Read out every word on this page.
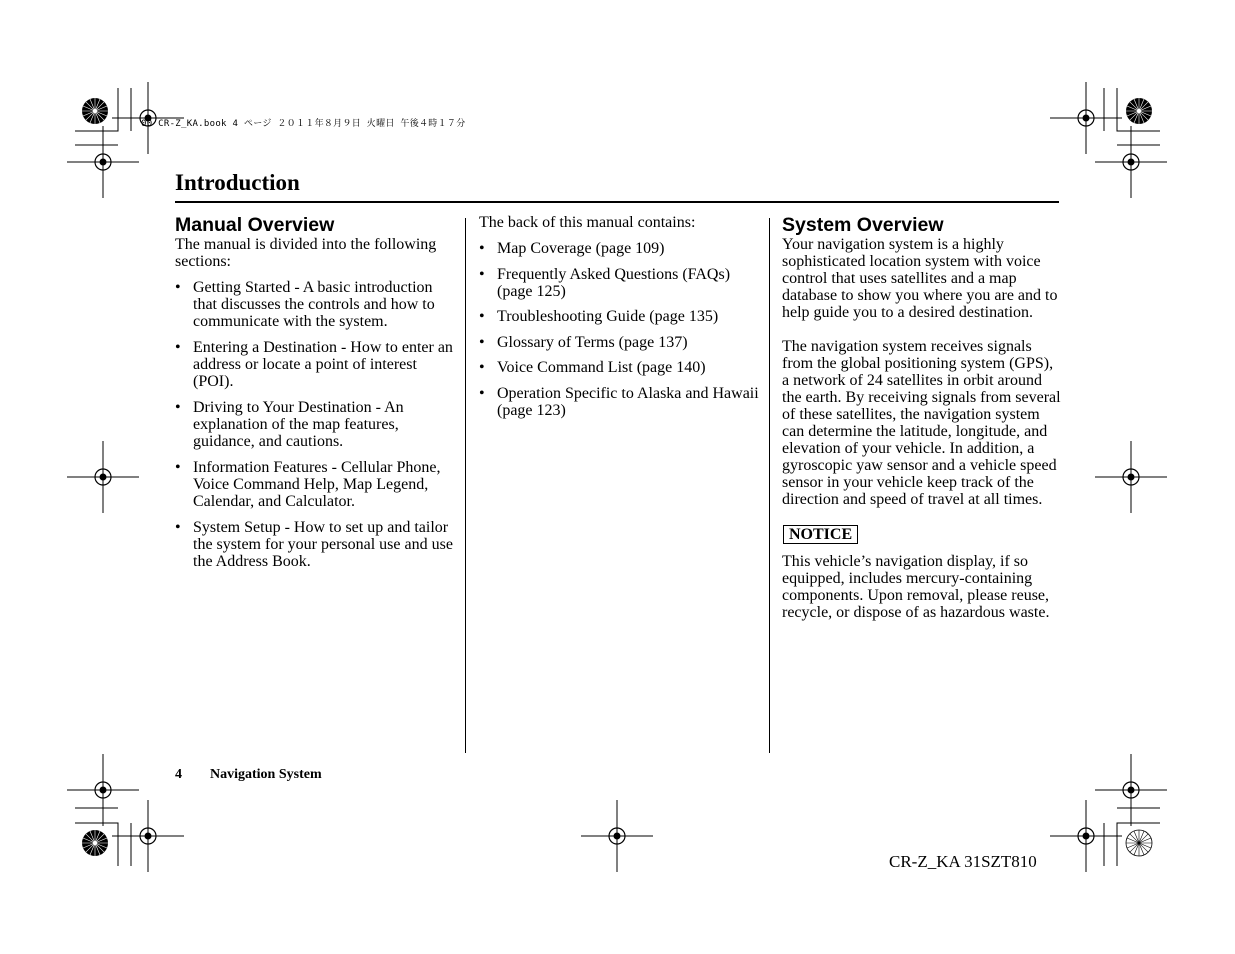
00 CR-Z_KA.book 4 ページ ２０１１年８月９日 火曜日 午後４時１７分
Introduction
Manual Overview

The manual is divided into the following sections:

• Getting Started - A basic introduction that discusses the controls and how to communicate with the system.
• Entering a Destination - How to enter an address or locate a point of interest (POI).
• Driving to Your Destination - An explanation of the map features, guidance, and cautions.
• Information Features - Cellular Phone, Voice Command Help, Map Legend, Calendar, and Calculator.
• System Setup - How to set up and tailor the system for your personal use and use the Address Book.

The back of this manual contains:

• Map Coverage (page 109)
• Frequently Asked Questions (FAQs) (page 125)
• Troubleshooting Guide (page 135)
• Glossary of Terms (page 137)
• Voice Command List (page 140)
• Operation Specific to Alaska and Hawaii (page 123)
System Overview

Your navigation system is a highly sophisticated location system with voice control that uses satellites and a map database to show you where you are and to help guide you to a desired destination.

The navigation system receives signals from the global positioning system (GPS), a network of 24 satellites in orbit around the earth. By receiving signals from several of these satellites, the navigation system can determine the latitude, longitude, and elevation of your vehicle. In addition, a gyroscopic yaw sensor and a vehicle speed sensor in your vehicle keep track of the direction and speed of travel at all times.

NOTICE

This vehicle’s navigation display, if so equipped, includes mercury-containing components. Upon removal, please reuse, recycle, or dispose of as hazardous waste.

4 Navigation System
CR-Z_KA 31SZT810
